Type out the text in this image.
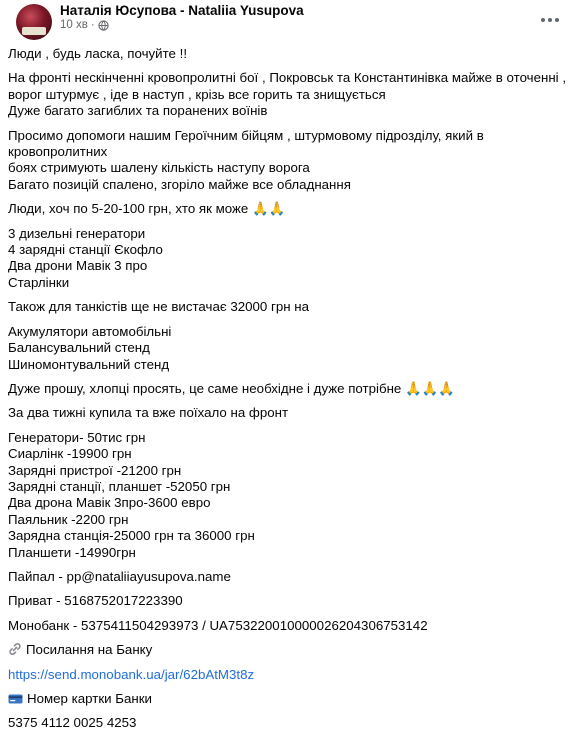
Наталія Юсупова - Nataliia Yusupova
10 хв ·
Люди , будь ласка, почуйте !!
На фронті нескінченні кровопролитні бої , Покровськ та Константинівка майже в оточенні ,
ворог штурмує , іде в наступ , крізь все горить та знищується
Дуже багато загиблих та поранених воїнів
Просимо допомоги нашим Героїчним бійцям , штурмовому підрозділу, який в кровопролитних
боях стримують шалену кількість наступу ворога
Багато позицій спалено, згоріло майже все обладнання
Люди, хоч по 5-20-100 грн, хто як може 🙏🙏
3 дизельні генератори
4 зарядні станції Єкофло
Два дрони Мавік 3 про
Старлінки
Також для танкістів ще не вистачає 32000 грн на
Акумулятори автомобільні
Балансувальний стенд
Шиномонтувальний стенд
Дуже прошу, хлопці просять, це саме необхідне і дуже потрібне 🙏🙏🙏
За два тижні купила та вже поїхало на фронт
Генератори- 50тис грн
Сиарлінк -19900 грн
Зарядні пристрої -21200 грн
Зарядні станції, планшет -52050 грн
Два дрона Мавік 3про-3600 евро
Паяльник -2200 грн
Зарядна станція-25000 грн та 36000 грн
Планшети -14990грн
Пайпал - pp@nataliiayusupova.name
Приват - 5168752017223390
Монобанк - 5375411504293973 / UA753220010000026204306753142
Посилання на Банку
https://send.monobank.ua/jar/62bAtM3t8z
Номер картки Банки
5375 4112 0025 4253
